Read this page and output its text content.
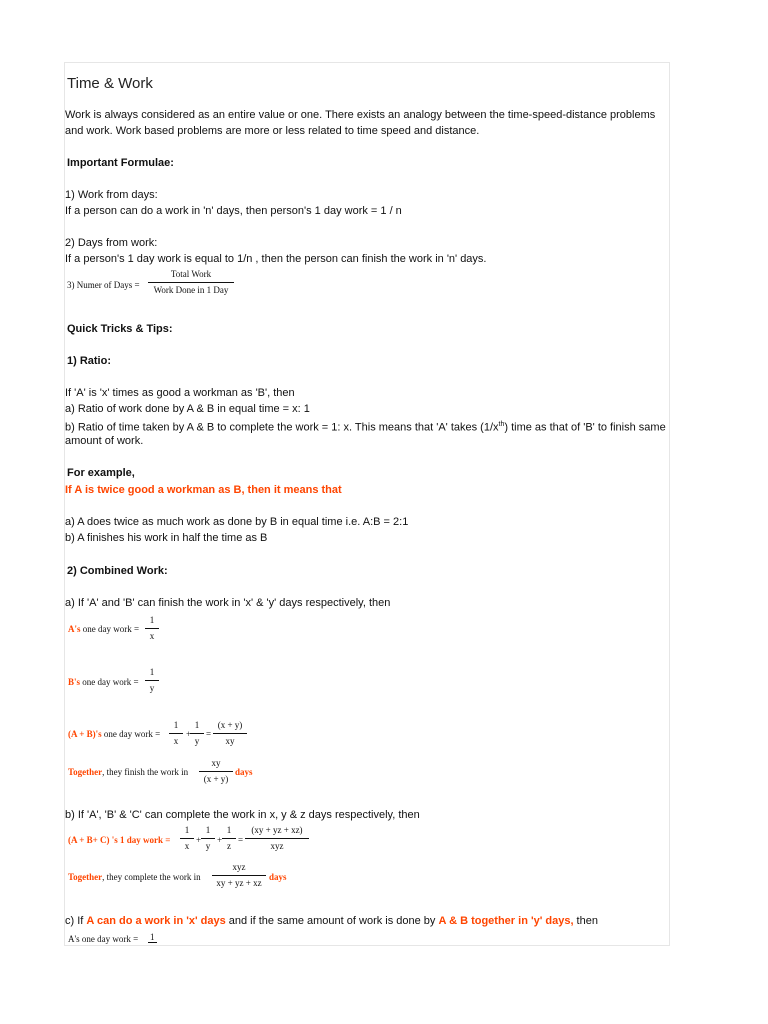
Time & Work
Work is always considered as an entire value or one. There exists an analogy between the time-speed-distance problems
and work. Work based problems are more or less related to time speed and distance.
Important Formulae:
1) Work from days:
If a person can do a work in 'n' days, then person's 1 day work = 1 / n
2) Days from work:
If a person's 1 day work is equal to 1/n , then the person can finish the work in 'n' days.
3) Numer of Days =
Total Work
Work Done in 1 Day
Quick Tricks & Tips:
1) Ratio:
If 'A' is 'x' times as good a workman as 'B', then
a) Ratio of work done by A & B in equal time = x: 1
b) Ratio of time taken by A & B to complete the work = 1: x. This means that 'A' takes $(1/x^{th})$ time as that of 'B' to finish same
amount of work.
For example,
If A is twice good a workman as B, then it means that
a) A does twice as much work as done by B in equal time i.e. A:B = 2:1
b) A finishes his work in half the time as B
2) Combined Work:
a) If 'A' and 'B' can finish the work in 'x' & 'y' days respectively, then
A's one day work =
1
x
B's one day work =
1
y
(A + B)'s one day work =
1
x
+
1
y
=
(x + y)
xy
Together, they finish the work in
xy
(x + y)
days
b) If 'A', 'B' & 'C' can complete the work in x, y & z days respectively, then
(A + B+ C) 's 1 day work =
1
x
+
1
y
+
1
z
=
(xy + yz + xz)
xyz
Together, they complete the work in
xyz
xy + yz + xz
days
c) If A can do a work in 'x' days and if the same amount of work is done by A & B together in 'y' days, then
A's one day work = 1
